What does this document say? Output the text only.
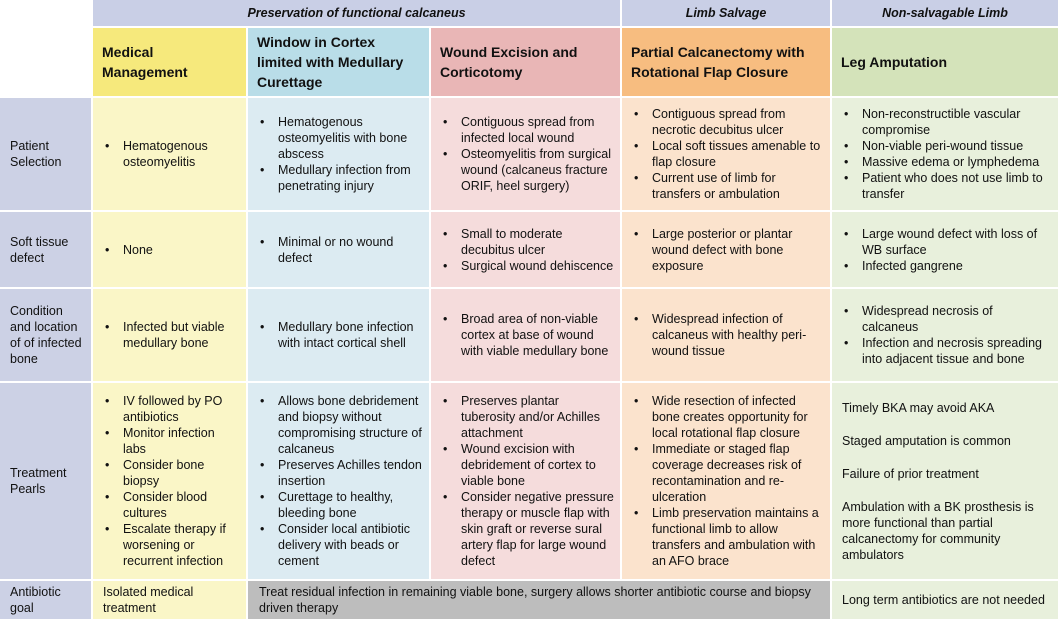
Preservation of functional calcaneus	Limb Salvage	Non-salvagable Limb
Medical Management
Window in Cortex limited with Medullary Curettage
Wound Excision and Corticotomy
Partial Calcanectomy with Rotational Flap Closure
Leg Amputation
Patient Selection
• Hematogenous osteomyelitis
• Hematogenous osteomyelitis with bone abscess
• Medullary infection from penetrating injury
• Contiguous spread from infected local wound
• Osteomyelitis from surgical wound (calcaneus fracture ORIF, heel surgery)
• Contiguous spread from necrotic decubitus ulcer
• Local soft tissues amenable to flap closure
• Current use of limb for transfers or ambulation
• Non-reconstructible vascular compromise
• Non-viable peri-wound tissue
• Massive edema or lymphedema
• Patient who does not use limb to transfer
Soft tissue defect
• None
• Minimal or no wound defect
• Small to moderate decubitus ulcer
• Surgical wound dehiscence
• Large posterior or plantar wound defect with bone exposure
• Large wound defect with loss of WB surface
• Infected gangrene
Condition and location of of infected bone
• Infected but viable medullary bone
• Medullary bone infection with intact cortical shell
• Broad area of non-viable cortex at base of wound with viable medullary bone
• Widespread infection of calcaneus with healthy peri-wound tissue
• Widespread necrosis of calcaneus
• Infection and necrosis spreading into adjacent tissue and bone
Treatment Pearls
• IV followed by PO antibiotics
• Monitor infection labs
• Consider bone biopsy
• Consider blood cultures
• Escalate therapy if worsening or recurrent infection
• Allows bone debridement and biopsy without compromising structure of calcaneus
• Preserves Achilles tendon insertion
• Curettage to healthy, bleeding bone
• Consider local antibiotic delivery with beads or cement
• Preserves plantar tuberosity and/or Achilles attachment
• Wound excision with debridement of cortex to viable bone
• Consider negative pressure therapy or muscle flap with skin graft or reverse sural artery flap for large wound defect
• Wide resection of infected bone creates opportunity for local rotational flap closure
• Immediate or staged flap coverage decreases risk of recontamination and re-ulceration
• Limb preservation maintains a functional limb to allow transfers and ambulation with an AFO brace

Timely BKA may avoid AKA

Staged amputation is common

Failure of prior treatment

Ambulation with a BK prosthesis is more functional than partial calcanectomy for community ambulators

Antibiotic goal
Isolated medical treatment
Treat residual infection in remaining viable bone, surgery allows shorter antibiotic course and biopsy driven therapy
Long term antibiotics are not needed
